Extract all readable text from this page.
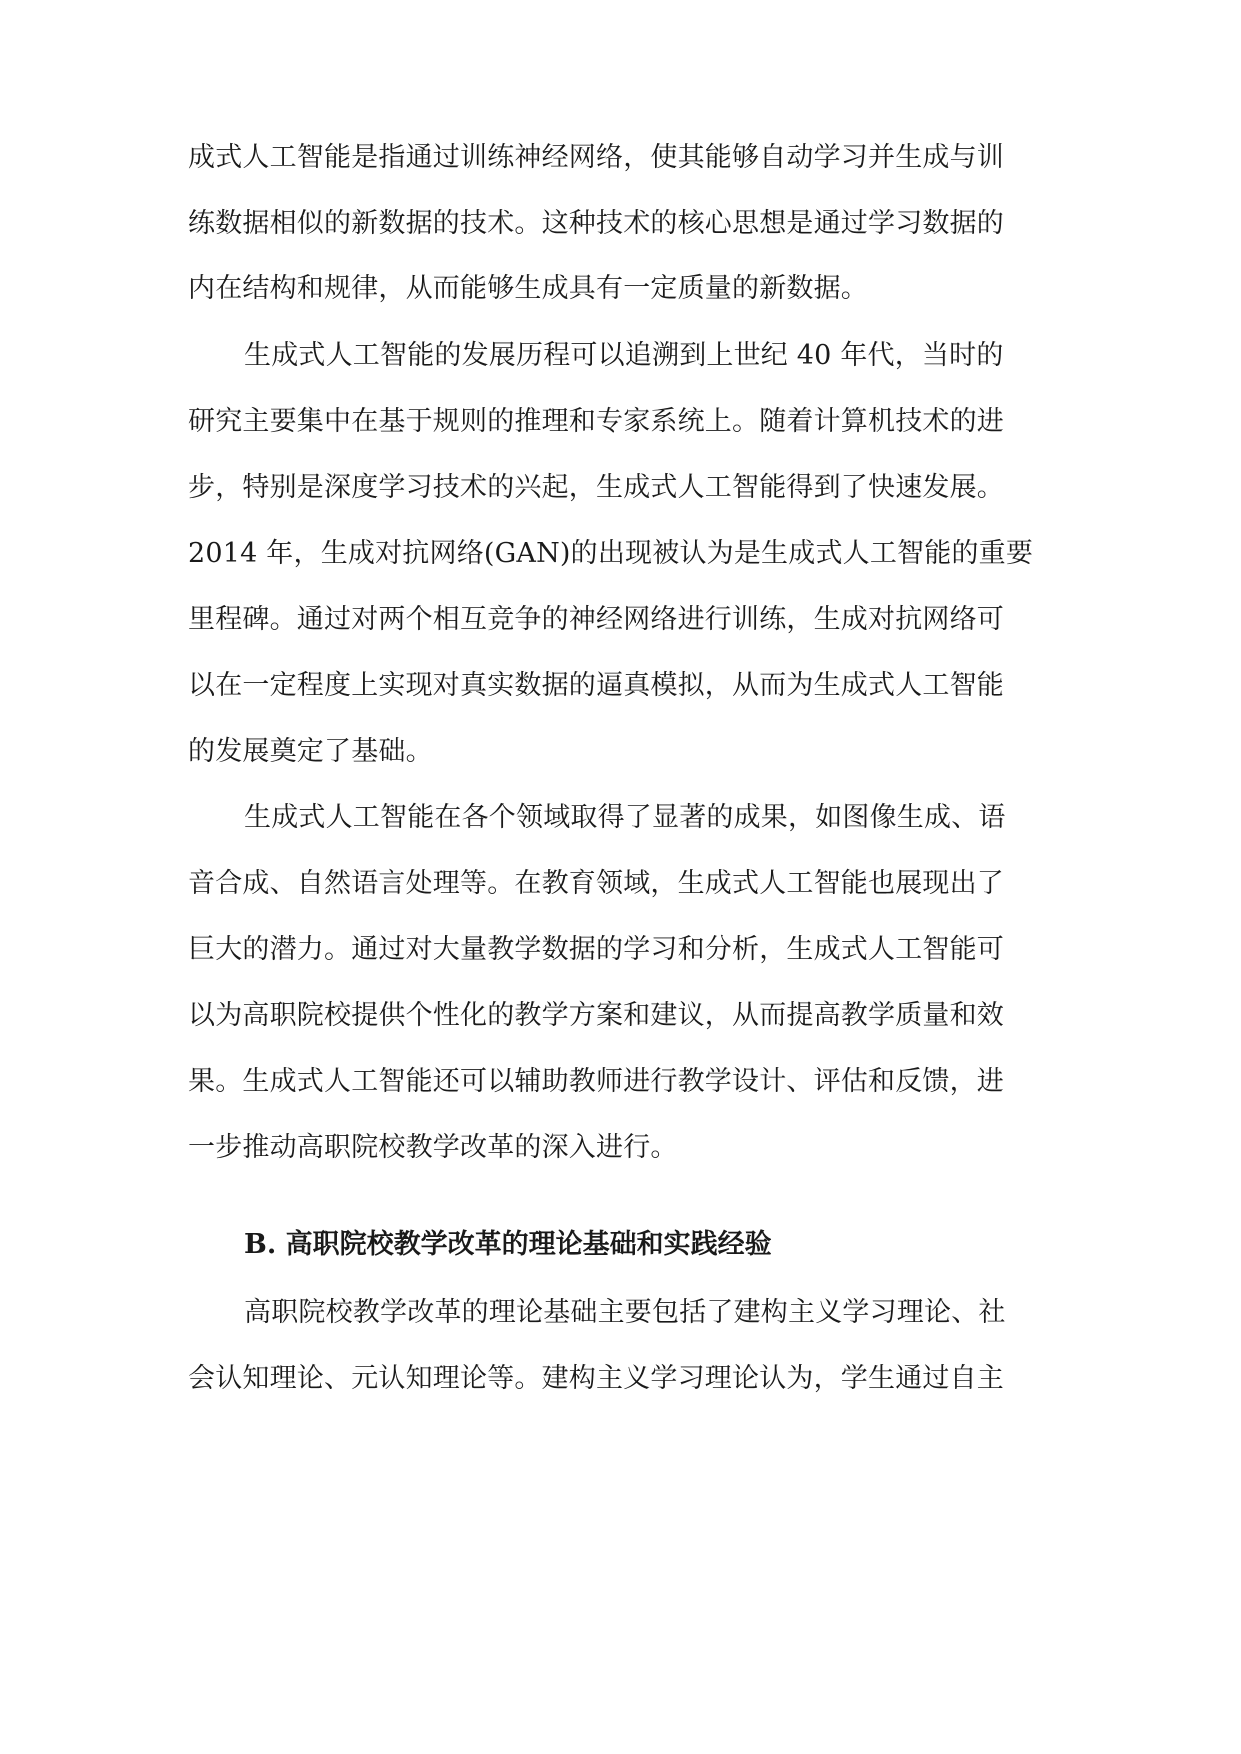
成式人工智能是指通过训练神经网络，使其能够自动学习并生成与训
练数据相似的新数据的技术。这种技术的核心思想是通过学习数据的
内在结构和规律，从而能够生成具有一定质量的新数据。
生成式人工智能的发展历程可以追溯到上世纪 40 年代，当时的
研究主要集中在基于规则的推理和专家系统上。随着计算机技术的进
步，特别是深度学习技术的兴起，生成式人工智能得到了快速发展。
2014 年，生成对抗网络(GAN)的出现被认为是生成式人工智能的重要
里程碑。通过对两个相互竞争的神经网络进行训练，生成对抗网络可
以在一定程度上实现对真实数据的逼真模拟，从而为生成式人工智能
的发展奠定了基础。
生成式人工智能在各个领域取得了显著的成果，如图像生成、语
音合成、自然语言处理等。在教育领域，生成式人工智能也展现出了
巨大的潜力。通过对大量教学数据的学习和分析，生成式人工智能可
以为高职院校提供个性化的教学方案和建议，从而提高教学质量和效
果。生成式人工智能还可以辅助教师进行教学设计、评估和反馈，进
一步推动高职院校教学改革的深入进行。
B. 高职院校教学改革的理论基础和实践经验
高职院校教学改革的理论基础主要包括了建构主义学习理论、社
会认知理论、元认知理论等。建构主义学习理论认为，学生通过自主
